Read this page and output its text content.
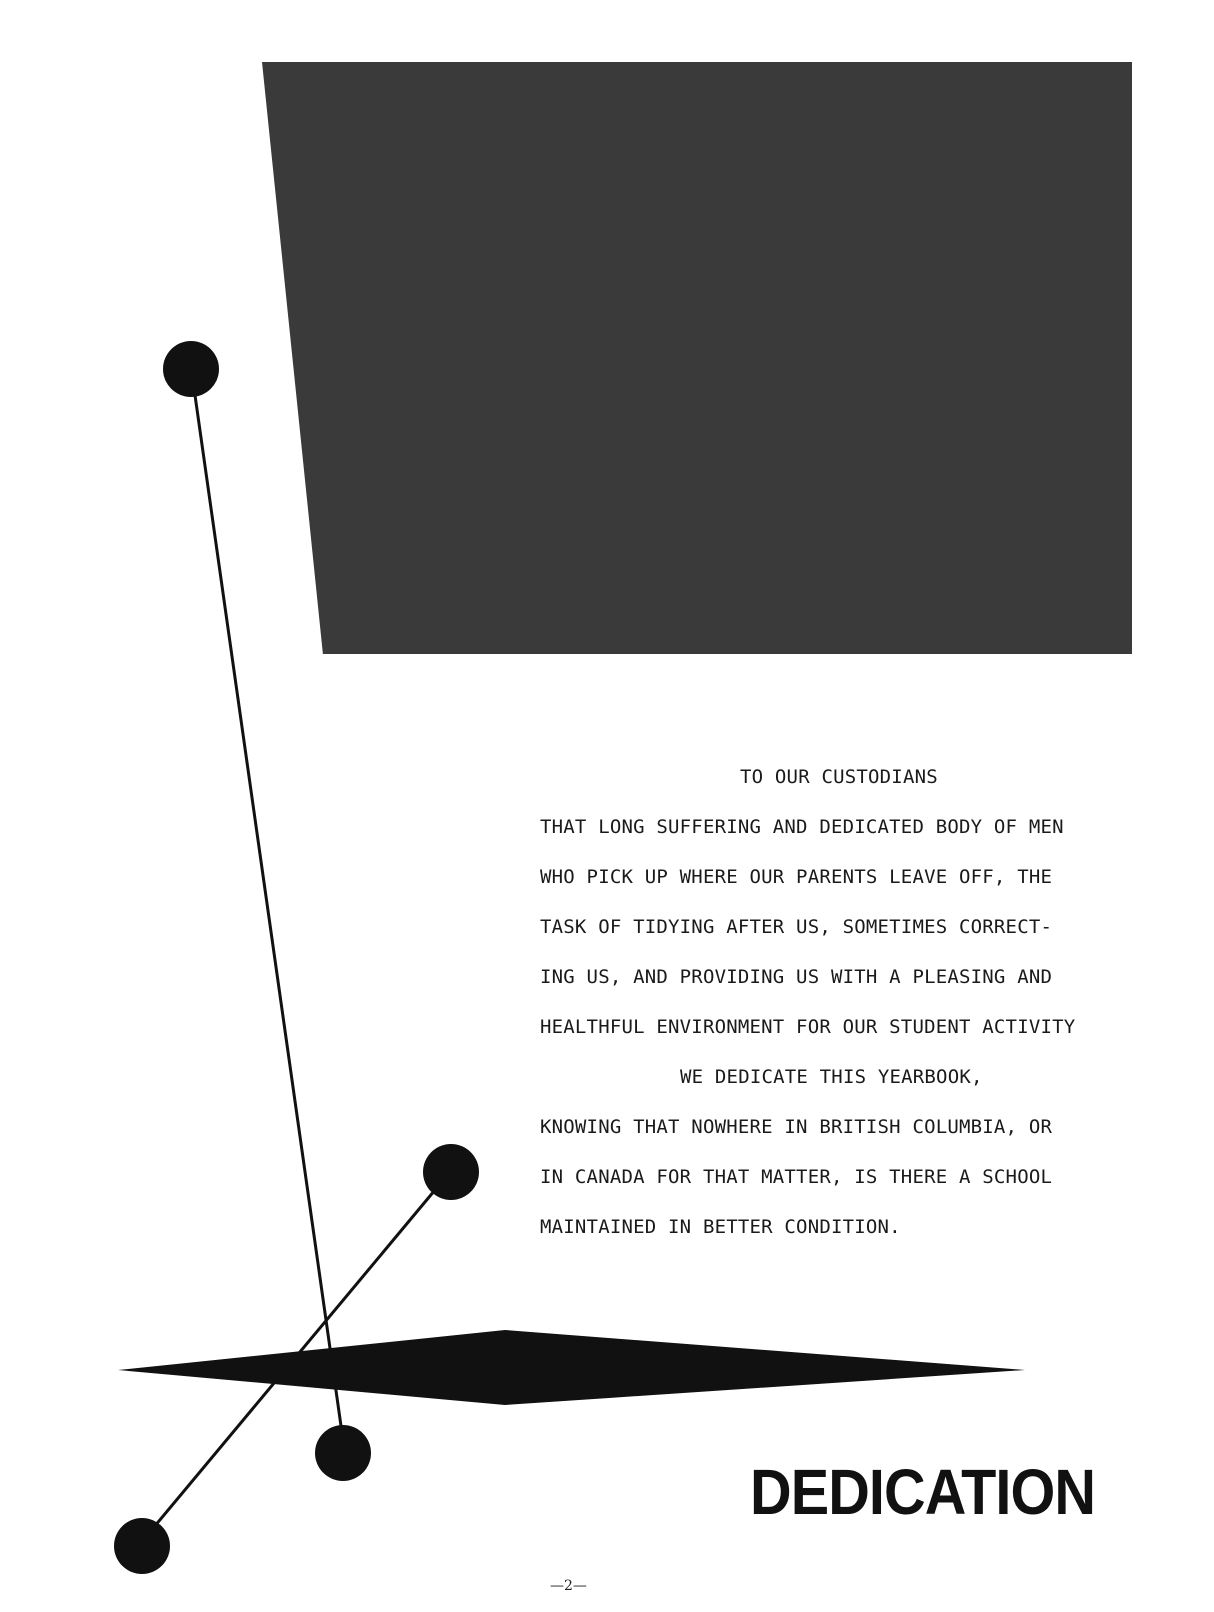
TO OUR CUSTODIANS
THAT LONG SUFFERING AND DEDICATED BODY OF MEN
WHO PICK UP WHERE OUR PARENTS LEAVE OFF, THE
TASK OF TIDYING AFTER US, SOMETIMES CORRECT-
ING US, AND PROVIDING US WITH A PLEASING AND
HEALTHFUL ENVIRONMENT FOR OUR STUDENT ACTIVITY
WE DEDICATE THIS YEARBOOK,
KNOWING THAT NOWHERE IN BRITISH COLUMBIA, OR
IN CANADA FOR THAT MATTER, IS THERE A SCHOOL
MAINTAINED IN BETTER CONDITION.
DEDICATION
—2—
